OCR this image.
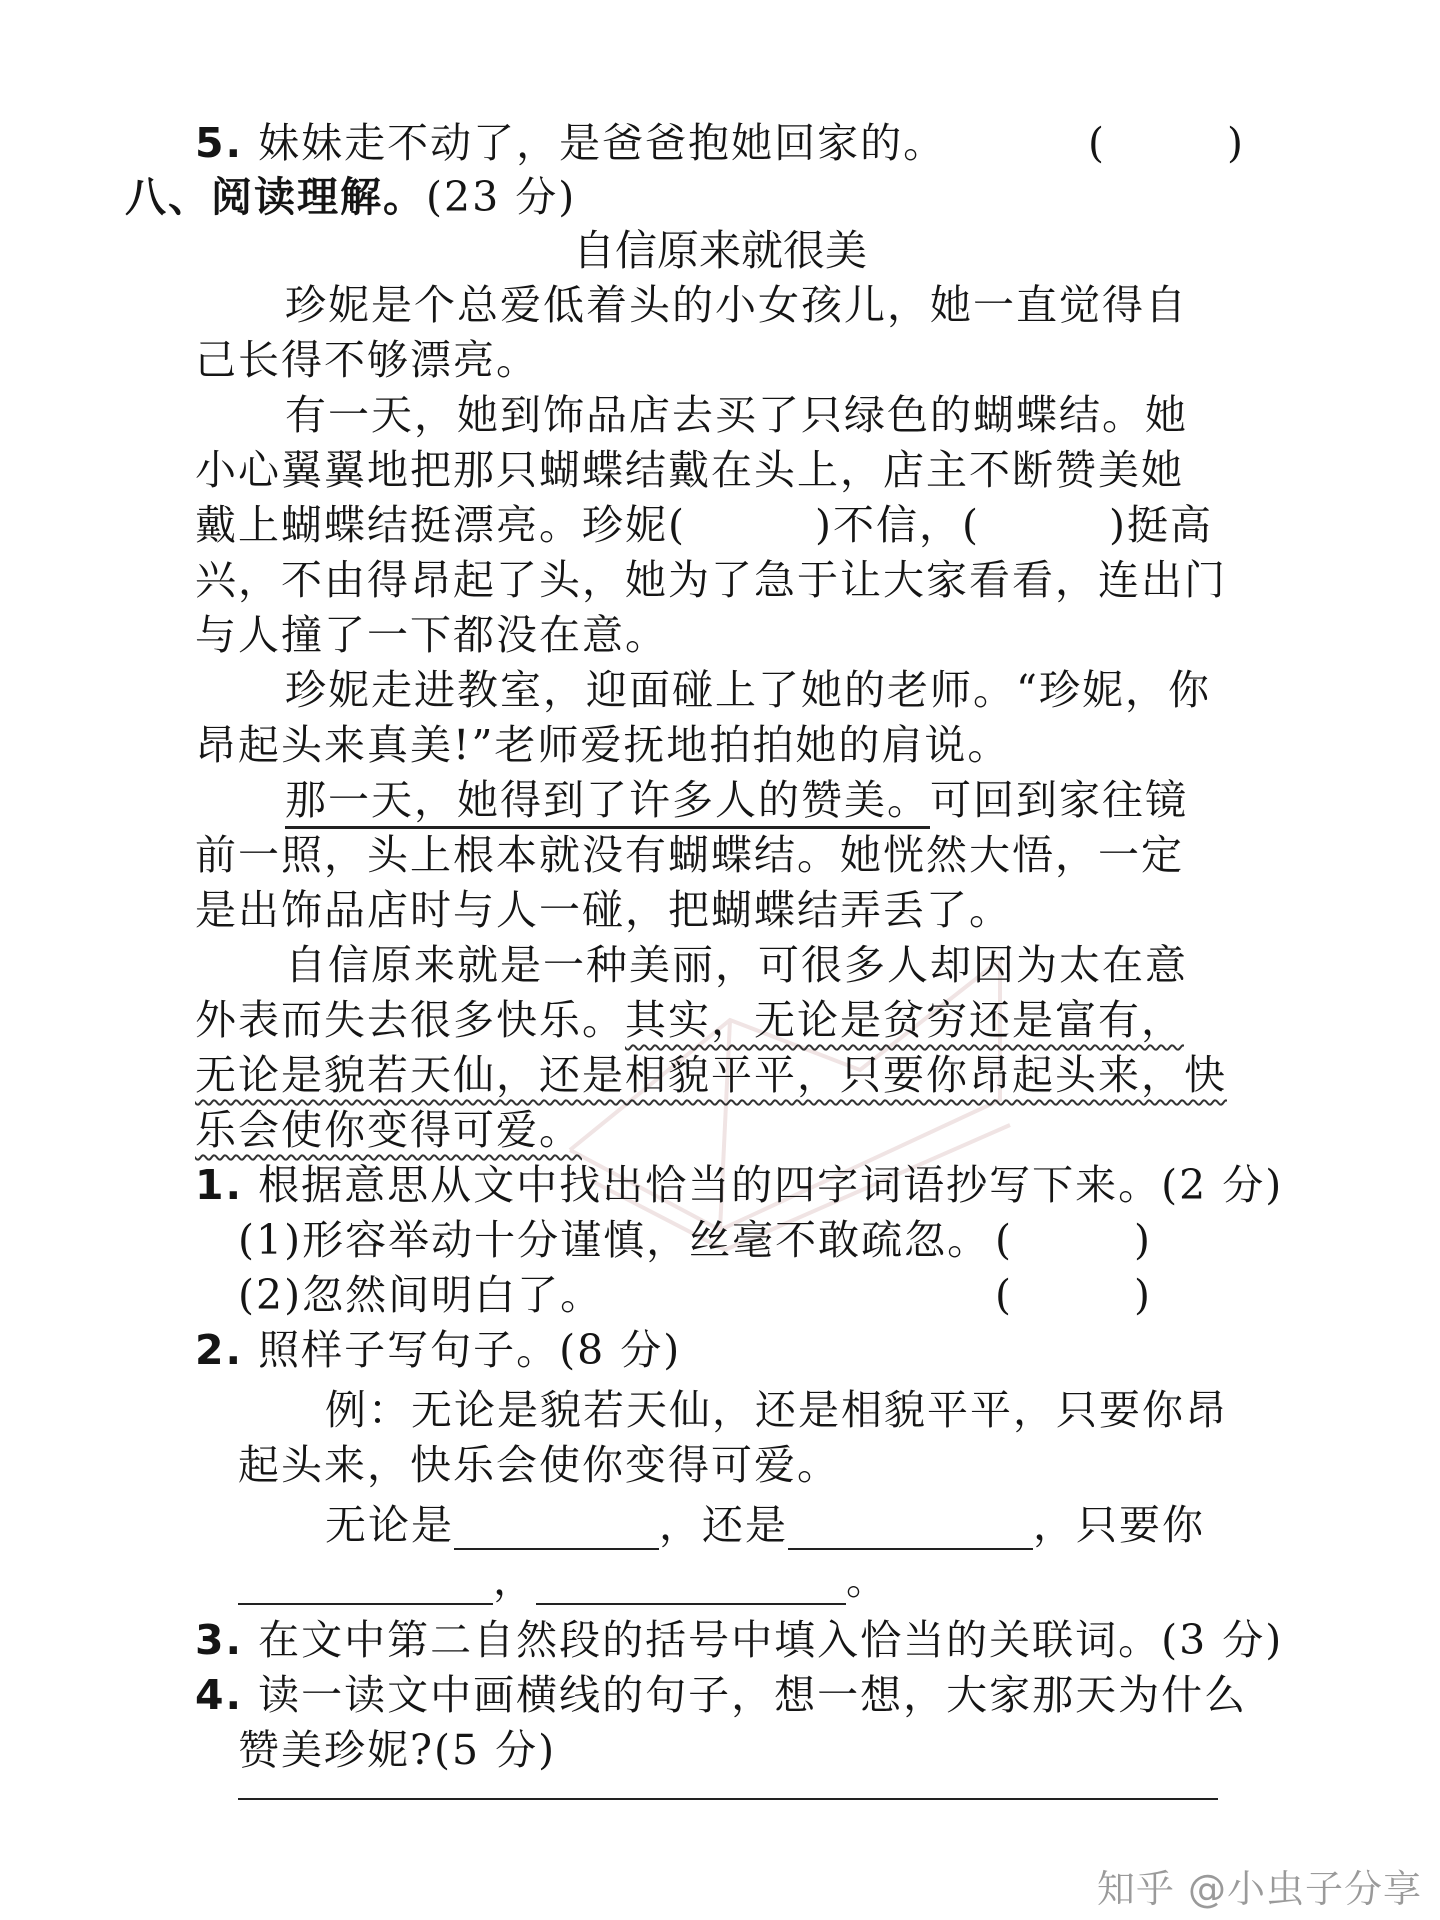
5. 妹妹走不动了，是爸爸抱她回家的。	(　　　)
八、阅读理解。(23 分)
自信原来就很美
珍妮是个总爱低着头的小女孩儿，她一直觉得自
己长得不够漂亮。
有一天，她到饰品店去买了只绿色的蝴蝶结。她
小心翼翼地把那只蝴蝶结戴在头上，店主不断赞美她
戴上蝴蝶结挺漂亮。珍妮(　　　)不信，(　　　)挺高
兴，不由得昂起了头，她为了急于让大家看看，连出门
与人撞了一下都没在意。
珍妮走进教室，迎面碰上了她的老师。“珍妮，你
昂起头来真美!”老师爱抚地拍拍她的肩说。
那一天，她得到了许多人的赞美。可回到家往镜
前一照，头上根本就没有蝴蝶结。她恍然大悟，一定
是出饰品店时与人一碰，把蝴蝶结弄丢了。
自信原来就是一种美丽，可很多人却因为太在意
外表而失去很多快乐。其实，无论是贫穷还是富有，
无论是貌若天仙，还是相貌平平，只要你昂起头来，快
乐会使你变得可爱。
1. 根据意思从文中找出恰当的四字词语抄写下来。(2 分)
(1)形容举动十分谨慎，丝毫不敢疏忽。 (　　　)
(2)忽然间明白了。	(　　　)
2. 照样子写句子。(8 分)
例：无论是貌若天仙，还是相貌平平，只要你昂
起头来，快乐会使你变得可爱。
无论是	，还是	，只要你
，	。
3. 在文中第二自然段的括号中填入恰当的关联词。(3 分)
4. 读一读文中画横线的句子，想一想，大家那天为什么
赞美珍妮?(5 分)
知乎 @小虫子分享
